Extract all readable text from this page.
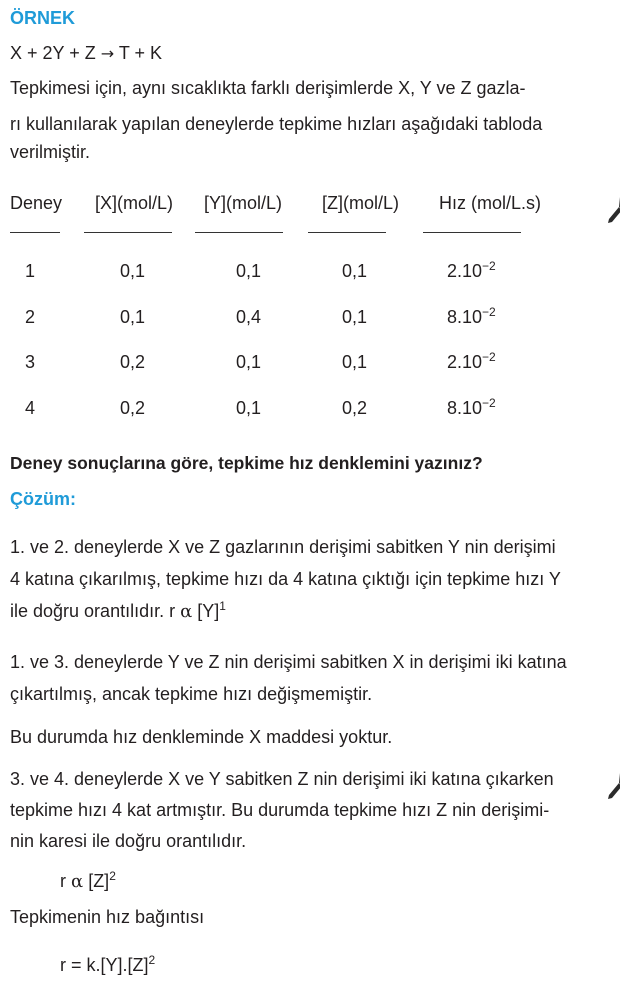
ÖRNEK
X + 2Y + Z → T + K
Tepkimesi için, aynı sıcaklıkta farklı derişimlerde X, Y ve Z gazla-
rı kullanılarak yapılan deneylerde tepkime hızları aşağıdaki tabloda
verilmiştir.
Deney [X](mol/L) [Y](mol/L) [Z](mol/L) Hız (mol/L.s)
1	0,1	0,1	0,1	$2.10^{-2}$
2	0,1	0,4	0,1	$8.10^{-2}$
3	0,2	0,1	0,1	$2.10^{-2}$
4	0,2	0,1	0,2	$8.10^{-2}$
Deney sonuçlarına göre, tepkime hız denklemini yazınız?
Çözüm:
1. ve 2. deneylerde X ve Z gazlarının derişimi sabitken Y nin derişimi
4 katına çıkarılmış, tepkime hızı da 4 katına çıktığı için tepkime hızı Y
ile doğru orantılıdır. r α $[Y]^1$
1. ve 3. deneylerde Y ve Z nin derişimi sabitken X in derişimi iki katına
çıkartılmış, ancak tepkime hızı değişmemiştir.
Bu durumda hız denkleminde X maddesi yoktur.
3. ve 4. deneylerde X ve Y sabitken Z nin derişimi iki katına çıkarken
tepkime hızı 4 kat artmıştır. Bu durumda tepkime hızı Z nin derişimi-
nin karesi ile doğru orantılıdır.
r α $[Z]^2$
Tepkimenin hız bağıntısı
$r = k.[Y].[Z]^2$
